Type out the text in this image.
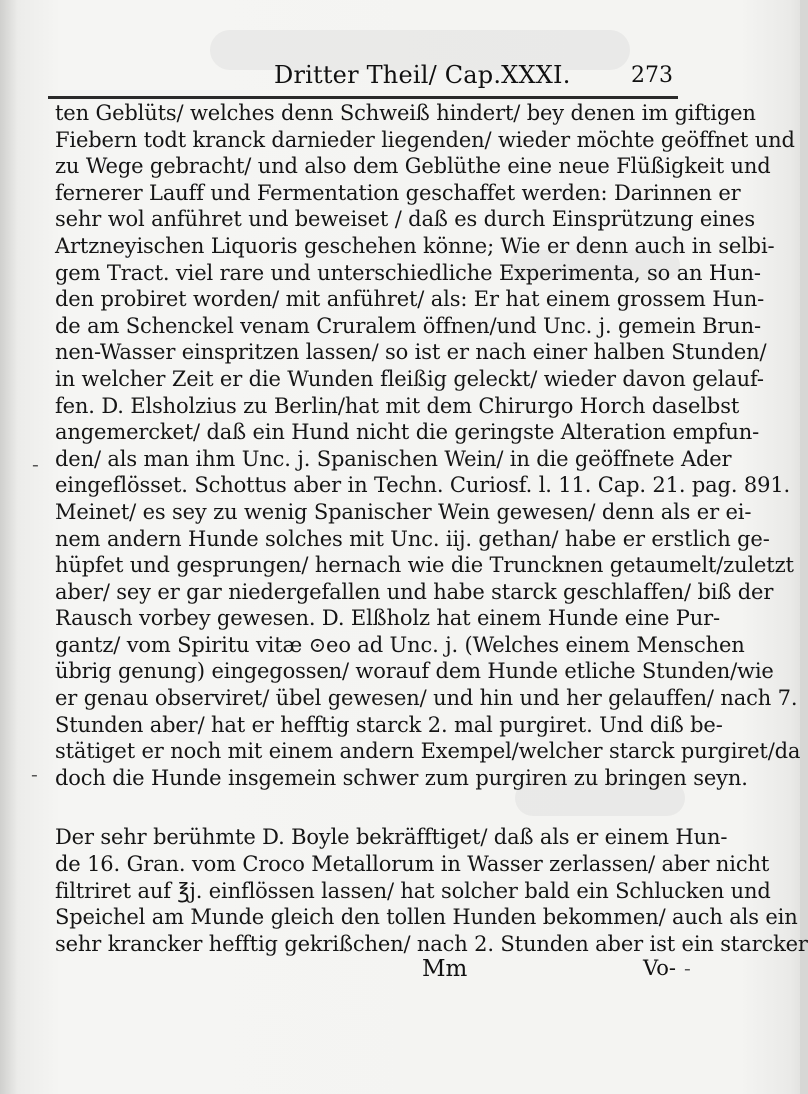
Dritter Theil/ Cap.XXXI.	273
ten Geblüts/ welches denn Schweiß hindert/ bey denen im giftigen
Fiebern todt kranck darnieder liegenden/ wieder möchte geöffnet und
zu Wege gebracht/ und also dem Geblüthe eine neue Flüßigkeit und
fernerer Lauff und Fermentation geschaffet werden: Darinnen er
sehr wol anführet und beweiset / daß es durch Einsprützung eines
Artzneyischen Liquoris geschehen könne; Wie er denn auch in selbi-
gem Tract. viel rare und unterschiedliche Experimenta, so an Hun-
den probiret worden/ mit anführet/ als: Er hat einem grossem Hun-
de am Schenckel venam Cruralem öffnen/und Unc. j. gemein Brun-
nen-Wasser einspritzen lassen/ so ist er nach einer halben Stunden/
in welcher Zeit er die Wunden fleißig geleckt/ wieder davon gelauf-
fen. D. Elsholzius zu Berlin/hat mit dem Chirurgo Horch daselbst
angemercket/ daß ein Hund nicht die geringste Alteration empfun-
den/ als man ihm Unc. j. Spanischen Wein/ in die geöffnete Ader
eingeflösset. Schottus aber in Techn. Curiosf. l. 11. Cap. 21. pag. 891.
Meinet/ es sey zu wenig Spanischer Wein gewesen/ denn als er ei-
nem andern Hunde solches mit Unc. iij. gethan/ habe er erstlich ge-
hüpfet und gesprungen/ hernach wie die Truncknen getaumelt/zuletzt
aber/ sey er gar niedergefallen und habe starck geschlaffen/ biß der
Rausch vorbey gewesen. D. Elßholz hat einem Hunde eine Pur-
gantz/ vom Spiritu vitæ ⊙eo ad Unc. j. (Welches einem Menschen
übrig genung) eingegossen/ worauf dem Hunde etliche Stunden/wie
er genau observiret/ übel gewesen/ und hin und her gelauffen/ nach 7.
Stunden aber/ hat er hefftig starck 2. mal purgiret. Und diß be-
stätiget er noch mit einem andern Exempel/welcher starck purgiret/da
doch die Hunde insgemein schwer zum purgiren zu bringen seyn.
Der sehr berühmte D. Boyle bekräfftiget/ daß als er einem Hun-
de 16. Gran. vom Croco Metallorum in Wasser zerlassen/ aber nicht
filtriret auf ℥j. einflössen lassen/ hat solcher bald ein Schlucken und
Speichel am Munde gleich den tollen Hunden bekommen/ auch als ein
sehr krancker hefftig gekrißchen/ nach 2. Stunden aber ist ein starcker
Mm	Vo-
-
-
-
